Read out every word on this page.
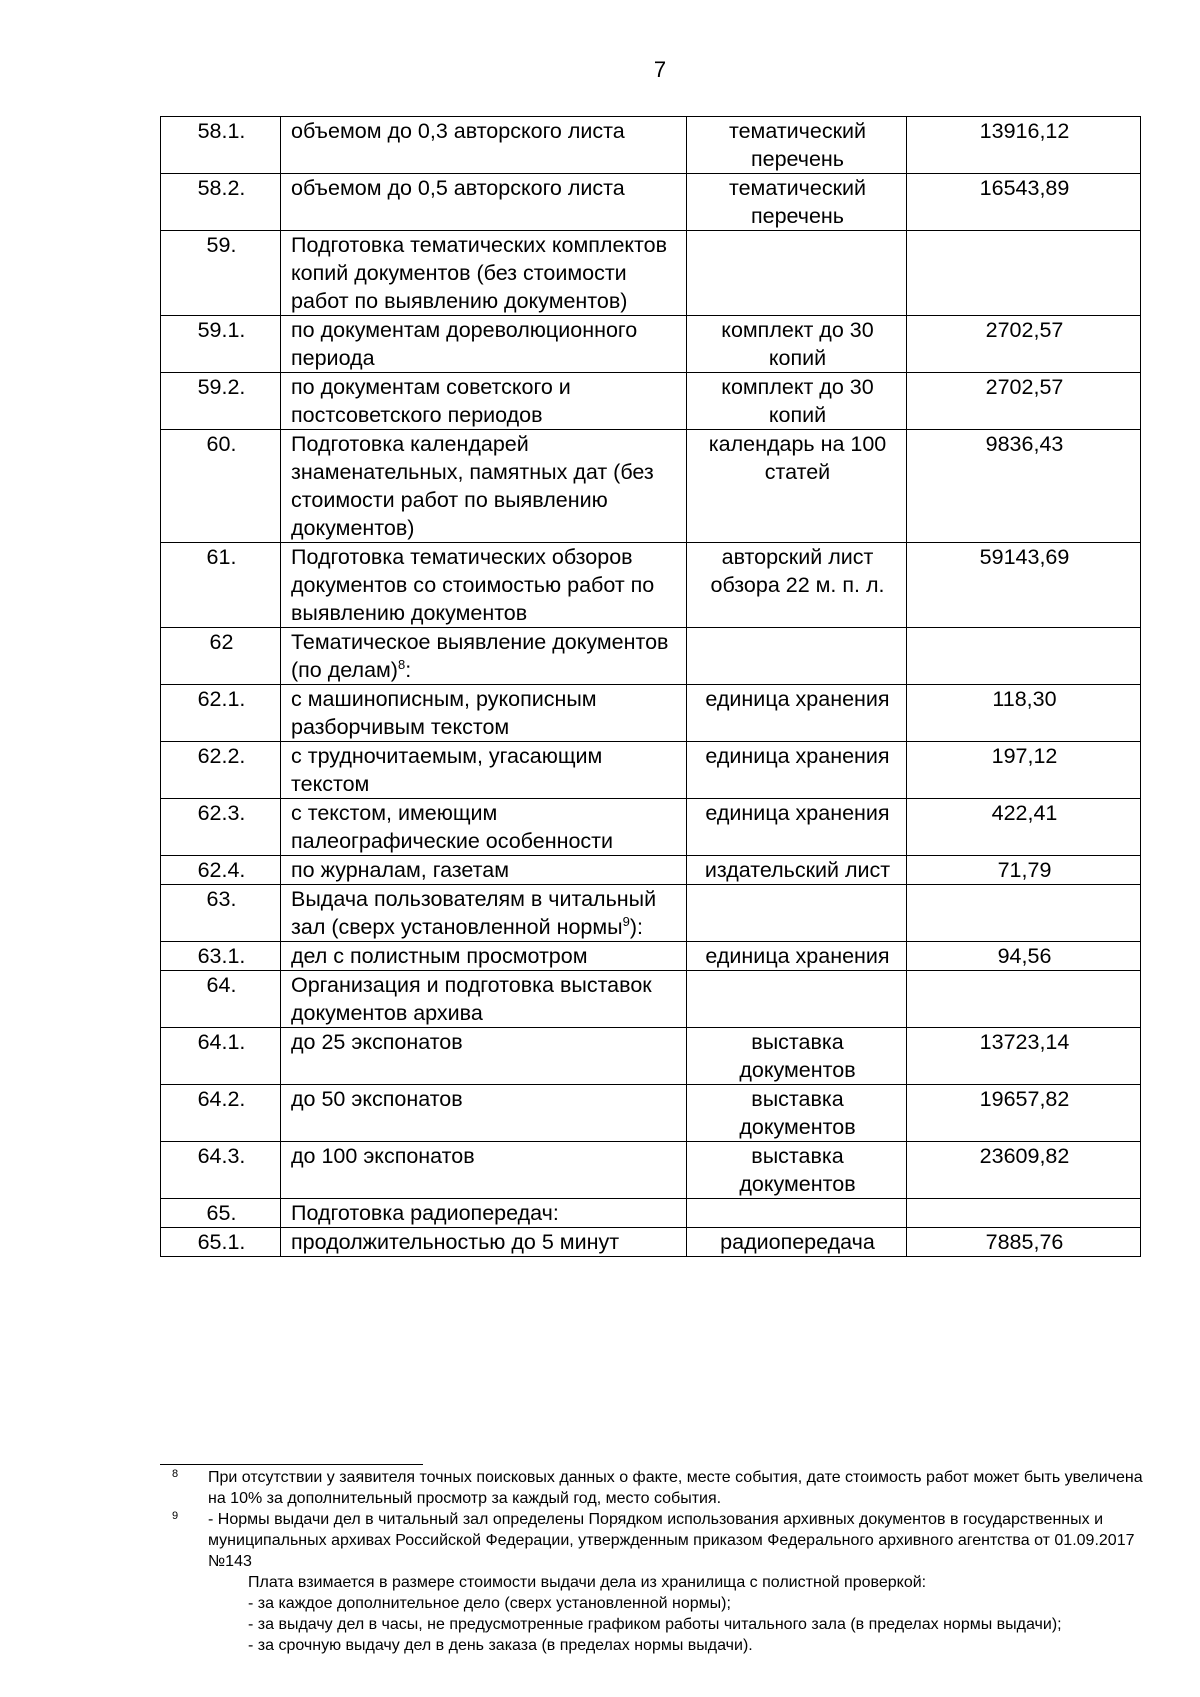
7
58.1.	объемом до 0,3 авторского листа	тематический перечень	13916,12
58.2.	объемом до 0,5 авторского листа	тематический перечень	16543,89
59.	Подготовка тематических комплектов копий документов (без стоимости работ по выявлению документов)		
59.1.	по документам дореволюционного периода	комплект до 30 копий	2702,57
59.2.	по документам советского и постсоветского периодов	комплект до 30 копий	2702,57
60.	Подготовка календарей знаменательных, памятных дат (без стоимости работ по выявлению документов)	календарь на 100 статей	9836,43
61.	Подготовка тематических обзоров документов со стоимостью работ по выявлению документов	авторский лист обзора 22 м. п. л.	59143,69
62	Тематическое выявление документов (по делам)$^8$:		
62.1.	с машинописным, рукописным разборчивым текстом	единица хранения	118,30
62.2.	с трудночитаемым, угасающим текстом	единица хранения	197,12
62.3.	с текстом, имеющим палеографические особенности	единица хранения	422,41
62.4.	по журналам, газетам	издательский лист	71,79
63.	Выдача пользователям в читальный зал (сверх установленной нормы$^9$):		
63.1.	дел с полистным просмотром	единица хранения	94,56
64.	Организация и подготовка выставок документов архива		
64.1.	до 25 экспонатов	выставка документов	13723,14
64.2.	до 50 экспонатов	выставка документов	19657,82
64.3.	до 100 экспонатов	выставка документов	23609,82
65.	Подготовка радиопередач:		
65.1.	продолжительностью до 5 минут	радиопередача	7885,76
8 При отсутствии у заявителя точных поисковых данных о факте, месте события, дате стоимость работ может быть увеличена на 10% за дополнительный просмотр за каждый год, место события.
9 - Нормы выдачи дел в читальный зал определены Порядком использования архивных документов в государственных и муниципальных архивах Российской Федерации, утвержденным приказом Федерального архивного агентства от 01.09.2017 №143
Плата взимается в размере стоимости выдачи дела из хранилища с полистной проверкой:
- за каждое дополнительное дело (сверх установленной нормы);
- за выдачу дел в часы, не предусмотренные графиком работы читального зала (в пределах нормы выдачи);
- за срочную выдачу дел в день заказа (в пределах нормы выдачи).
